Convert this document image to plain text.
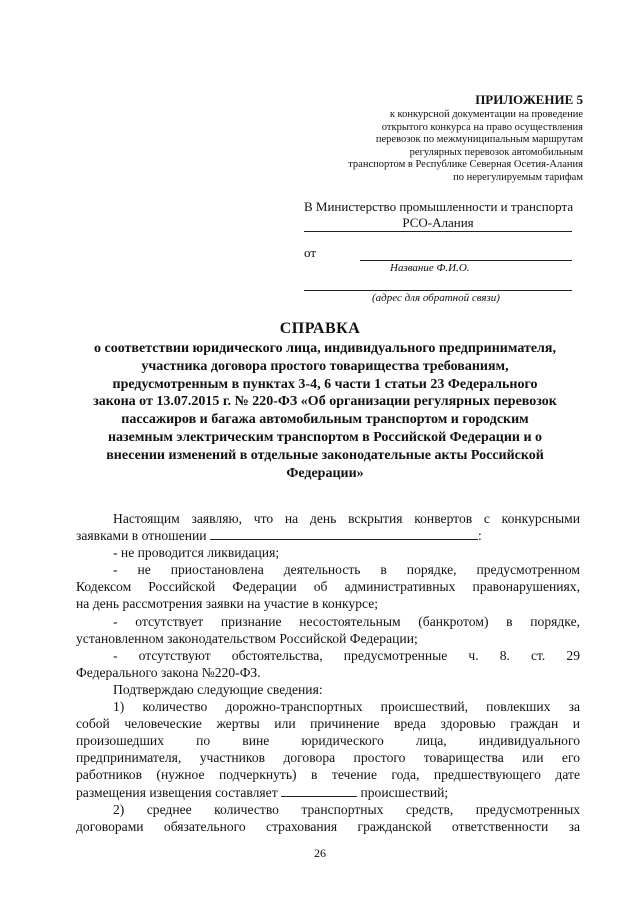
ПРИЛОЖЕНИЕ 5
к конкурсной документации на проведение
открытого конкурса на право осуществления
перевозок по межмуниципальным маршрутам
регулярных перевозок автомобильным
транспортом в Республике Северная Осетия-Алания
по нерегулируемым тарифам
В Министерство промышленности и транспорта
РСО-Алания
от
Название Ф.И.О.
(адрес для обратной связи)
СПРАВКА
о соответствии юридического лица, индивидуального предпринимателя,
участника договора простого товарищества требованиям,
предусмотренным в пунктах 3-4, 6 части 1 статьи 23 Федерального
закона от 13.07.2015 г. № 220-ФЗ «Об организации регулярных перевозок
пассажиров и багажа автомобильным транспортом и городским
наземным электрическим транспортом в Российской Федерации и о
внесении изменений в отдельные законодательные акты Российской
Федерации»
Настоящим заявляю, что на день вскрытия конвертов с конкурсными
заявками в отношении	:
- не проводится ликвидация;
- не приостановлена деятельность в порядке, предусмотренном
Кодексом Российской Федерации об административных правонарушениях,
на день рассмотрения заявки на участие в конкурсе;
- отсутствует признание несостоятельным (банкротом) в порядке,
установленном законодательством Российской Федерации;
- отсутствуют обстоятельства, предусмотренные ч. 8. ст. 29
Федерального закона №220-ФЗ.
Подтверждаю следующие сведения:
1) количество дорожно-транспортных происшествий, повлекших за
собой человеческие жертвы или причинение вреда здоровью граждан и
произошедших по вине юридического лица, индивидуального
предпринимателя, участников договора простого товарищества или его
работников (нужное подчеркнуть) в течение года, предшествующего дате
размещения извещения составляет	происшествий;
2) среднее количество транспортных средств, предусмотренных
договорами обязательного страхования гражданской ответственности за
26
